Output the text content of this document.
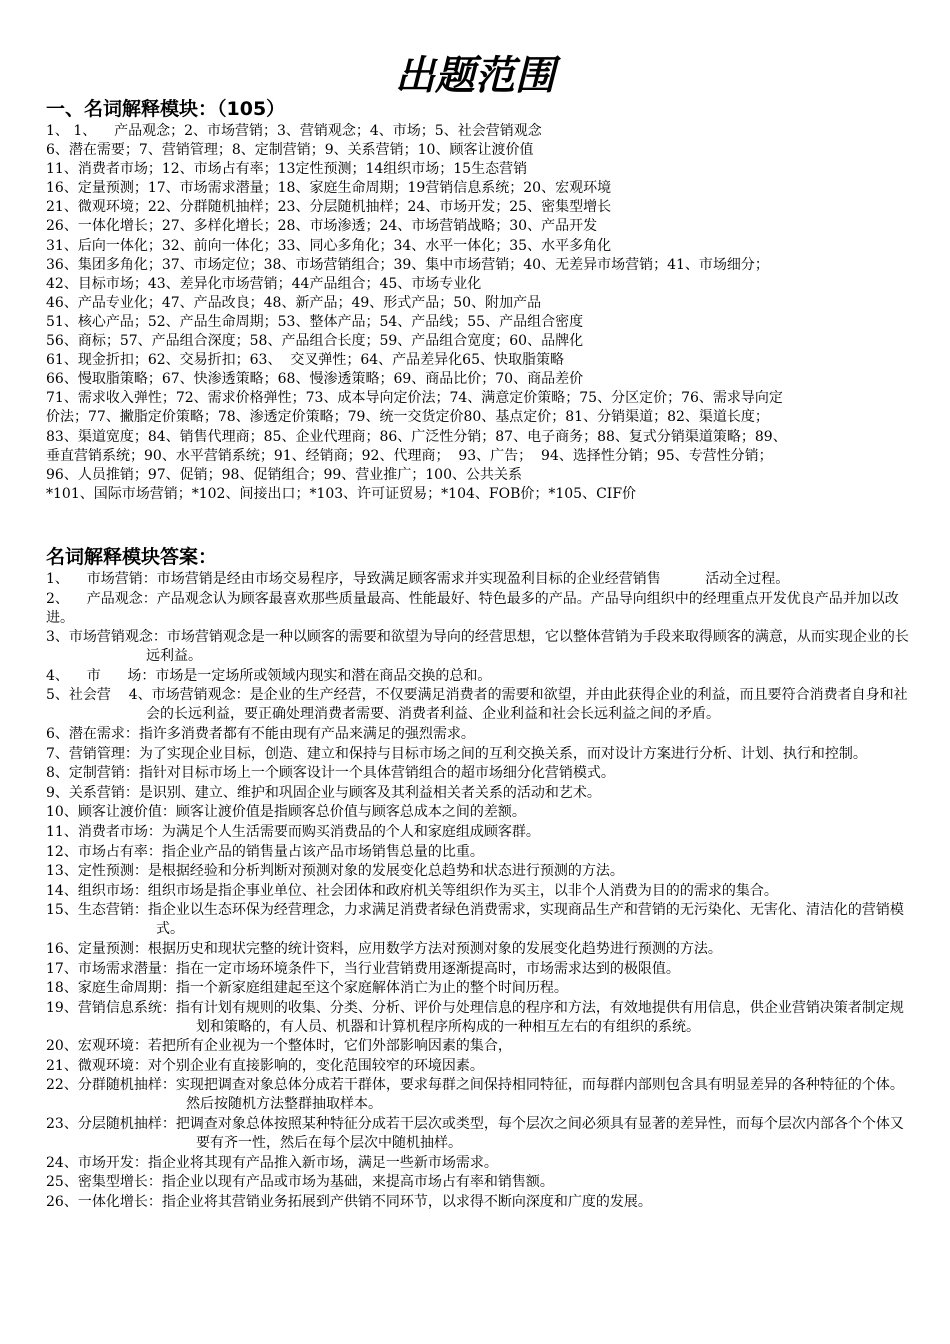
出题范围
一、名词解释模块：（105）
1、 1、    产品观念；2、市场营销；3、营销观念；4、市场；5、社会营销观念
6、潜在需要；7、营销管理；8、定制营销；9、关系营销；10、顾客让渡价值
11、消费者市场；12、市场占有率；13定性预测；14组织市场；15生态营销
16、定量预测；17、市场需求潜量；18、家庭生命周期；19营销信息系统；20、宏观环境
21、微观环境；22、分群随机抽样；23、分层随机抽样；24、市场开发；25、密集型增长
26、一体化增长；27、多样化增长；28、市场渗透；24、市场营销战略；30、产品开发
31、后向一体化；32、前向一体化；33、同心多角化；34、水平一体化；35、水平多角化
36、集团多角化；37、市场定位；38、市场营销组合；39、集中市场营销；40、无差异市场营销；41、市场细分；
42、目标市场；43、差异化市场营销；44产品组合；45、市场专业化
46、产品专业化；47、产品改良；48、新产品；49、形式产品；50、附加产品
51、核心产品；52、产品生命周期；53、整体产品；54、产品线；55、产品组合密度
56、商标；57、产品组合深度；58、产品组合长度；59、产品组合宽度；60、品牌化
61、现金折扣；62、交易折扣；63、  交叉弹性；64、产品差异化65、快取脂策略
66、慢取脂策略；67、快渗透策略；68、慢渗透策略；69、商品比价；70、商品差价
71、需求收入弹性；72、需求价格弹性；73、成本导向定价法；74、满意定价策略；75、分区定价；76、需求导向定
价法；77、撇脂定价策略；78、渗透定价策略；79、统一交货定价80、基点定价；81、分销渠道；82、渠道长度；
83、渠道宽度；84、销售代理商；85、企业代理商；86、广泛性分销；87、电子商务；88、复式分销渠道策略；89、
垂直营销系统；90、水平营销系统；91、经销商；92、代理商；  93、广告；  94、选择性分销；95、专营性分销；
96、人员推销；97、促销；98、促销组合；99、营业推广；100、公共关系
*101、国际市场营销；*102、间接出口；*103、许可证贸易；*104、FOB价；*105、CIF价
名词解释模块答案：
1、    市场营销：市场营销是经由市场交易程序，导致满足顾客需求并实现盈利目标的企业经营销售          活动全过程。
2、    产品观念：产品观念认为顾客最喜欢那些质量最高、性能最好、特色最多的产品。产品导向组织中的经理重点开发优良产品并加以改进。
3、市场营销观念：市场营销观念是一种以顾客的需要和欲望为导向的经营思想，它以整体营销为手段来取得顾客的满意，从而实现企业的长远利益。
4、    市      场：市场是一定场所或领域内现实和潜在商品交换的总和。
5、社会营    4、市场营销观念：是企业的生产经营，不仅要满足消费者的需要和欲望，并由此获得企业的利益，而且要符合消费者自身和社会的长远利益，要正确处理消费者需要、消费者利益、企业利益和社会长远利益之间的矛盾。
6、潜在需求：指许多消费者都有不能由现有产品来满足的强烈需求。
7、营销管理：为了实现企业目标，创造、建立和保持与目标市场之间的互利交换关系，而对设计方案进行分析、计划、执行和控制。
8、定制营销：指针对目标市场上一个顾客设计一个具体营销组合的超市场细分化营销模式。
9、关系营销：是识别、建立、维护和巩固企业与顾客及其利益相关者关系的活动和艺术。
10、顾客让渡价值：顾客让渡价值是指顾客总价值与顾客总成本之间的差额。
11、消费者市场：为满足个人生活需要而购买消费品的个人和家庭组成顾客群。
12、市场占有率：指企业产品的销售量占该产品市场销售总量的比重。
13、定性预测：是根据经验和分析判断对预测对象的发展变化总趋势和状态进行预测的方法。
14、组织市场：组织市场是指企事业单位、社会团体和政府机关等组织作为买主，以非个人消费为目的的需求的集合。
15、生态营销：指企业以生态环保为经营理念，力求满足消费者绿色消费需求，实现商品生产和营销的无污染化、无害化、清洁化的营销模式。
16、定量预测：根据历史和现状完整的统计资料，应用数学方法对预测对象的发展变化趋势进行预测的方法。
17、市场需求潜量：指在一定市场环境条件下，当行业营销费用逐渐提高时，市场需求达到的极限值。
18、家庭生命周期：指一个新家庭组建起至这个家庭解体消亡为止的整个时间历程。
19、营销信息系统：指有计划有规则的收集、分类、分析、评价与处理信息的程序和方法，有效地提供有用信息，供企业营销决策者制定规划和策略的，有人员、机器和计算机程序所构成的一种相互左右的有组织的系统。
20、宏观环境：若把所有企业视为一个整体时，它们外部影响因素的集合，
21、微观环境：对个别企业有直接影响的，变化范围较窄的环境因素。
22、分群随机抽样：实现把调查对象总体分成若干群体，要求每群之间保持相同特征，而每群内部则包含具有明显差异的各种特征的个体。然后按随机方法整群抽取样本。
23、分层随机抽样：把调查对象总体按照某种特征分成若干层次或类型，每个层次之间必须具有显著的差异性，而每个层次内部各个个体又要有齐一性，然后在每个层次中随机抽样。
24、市场开发：指企业将其现有产品推入新市场，满足一些新市场需求。
25、密集型增长：指企业以现有产品或市场为基础，来提高市场占有率和销售额。
26、一体化增长：指企业将其营销业务拓展到产供销不同环节，以求得不断向深度和广度的发展。
